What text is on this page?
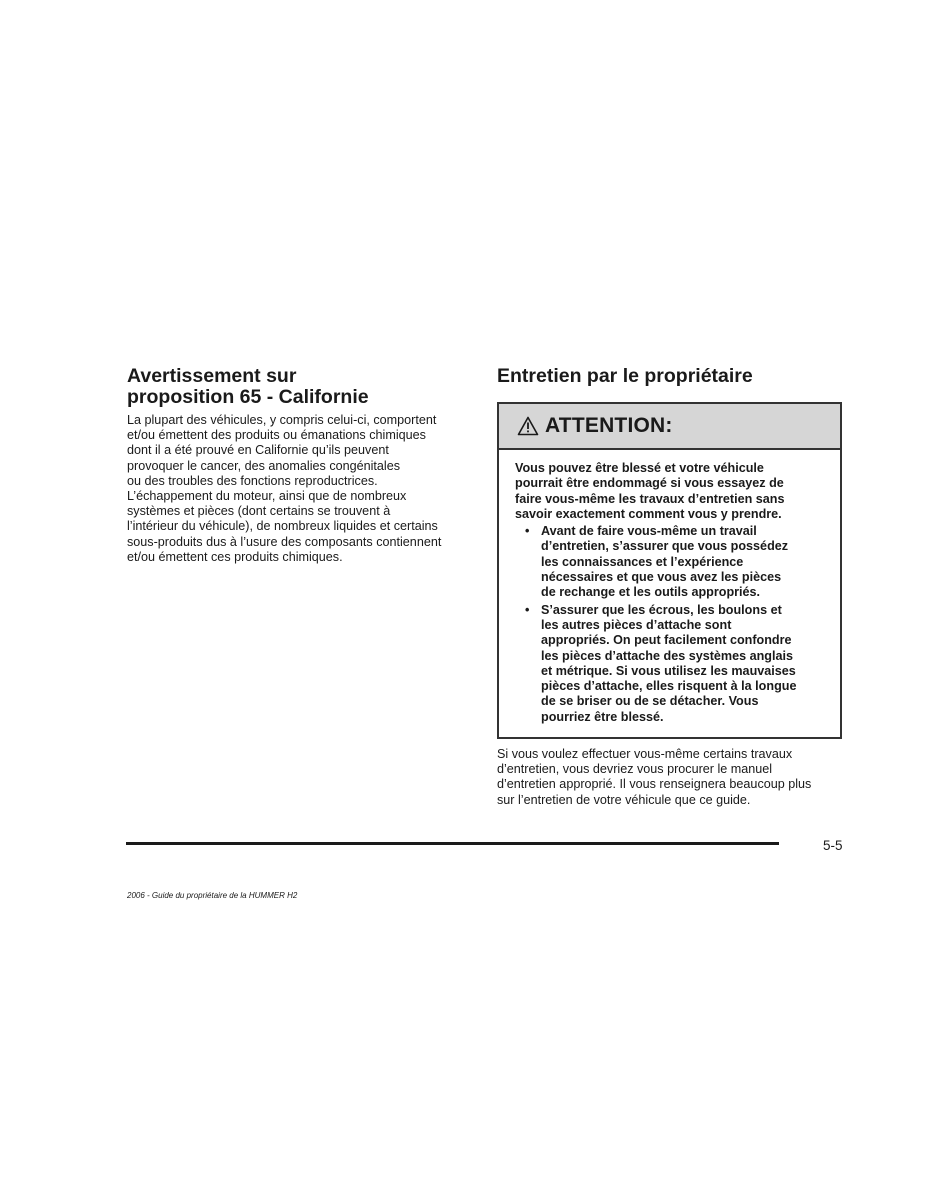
Avertissement sur
proposition 65 - Californie

La plupart des véhicules, y compris celui-ci, comportent
et/ou émettent des produits ou émanations chimiques
dont il a été prouvé en Californie qu’ils peuvent
provoquer le cancer, des anomalies congénitales
ou des troubles des fonctions reproductrices.
L’échappement du moteur, ainsi que de nombreux
systèmes et pièces (dont certains se trouvent à
l’intérieur du véhicule), de nombreux liquides et certains
sous-produits dus à l’usure des composants contiennent
et/ou émettent ces produits chimiques.

Entretien par le propriétaire
ATTENTION:
Vous pouvez être blessé et votre véhicule
pourrait être endommagé si vous essayez de
faire vous-même les travaux d’entretien sans
savoir exactement comment vous y prendre.
• Avant de faire vous-même un travail
d’entretien, s’assurer que vous possédez
les connaissances et l’expérience
nécessaires et que vous avez les pièces
de rechange et les outils appropriés.
• S’assurer que les écrous, les boulons et
les autres pièces d’attache sont
appropriés. On peut facilement confondre
les pièces d’attache des systèmes anglais
et métrique. Si vous utilisez les mauvaises
pièces d’attache, elles risquent à la longue
de se briser ou de se détacher. Vous
pourriez être blessé.

Si vous voulez effectuer vous-même certains travaux
d’entretien, vous devriez vous procurer le manuel
d’entretien approprié. Il vous renseignera beaucoup plus
sur l’entretien de votre véhicule que ce guide.

5-5
2006 - Guide du propriétaire de la HUMMER H2
